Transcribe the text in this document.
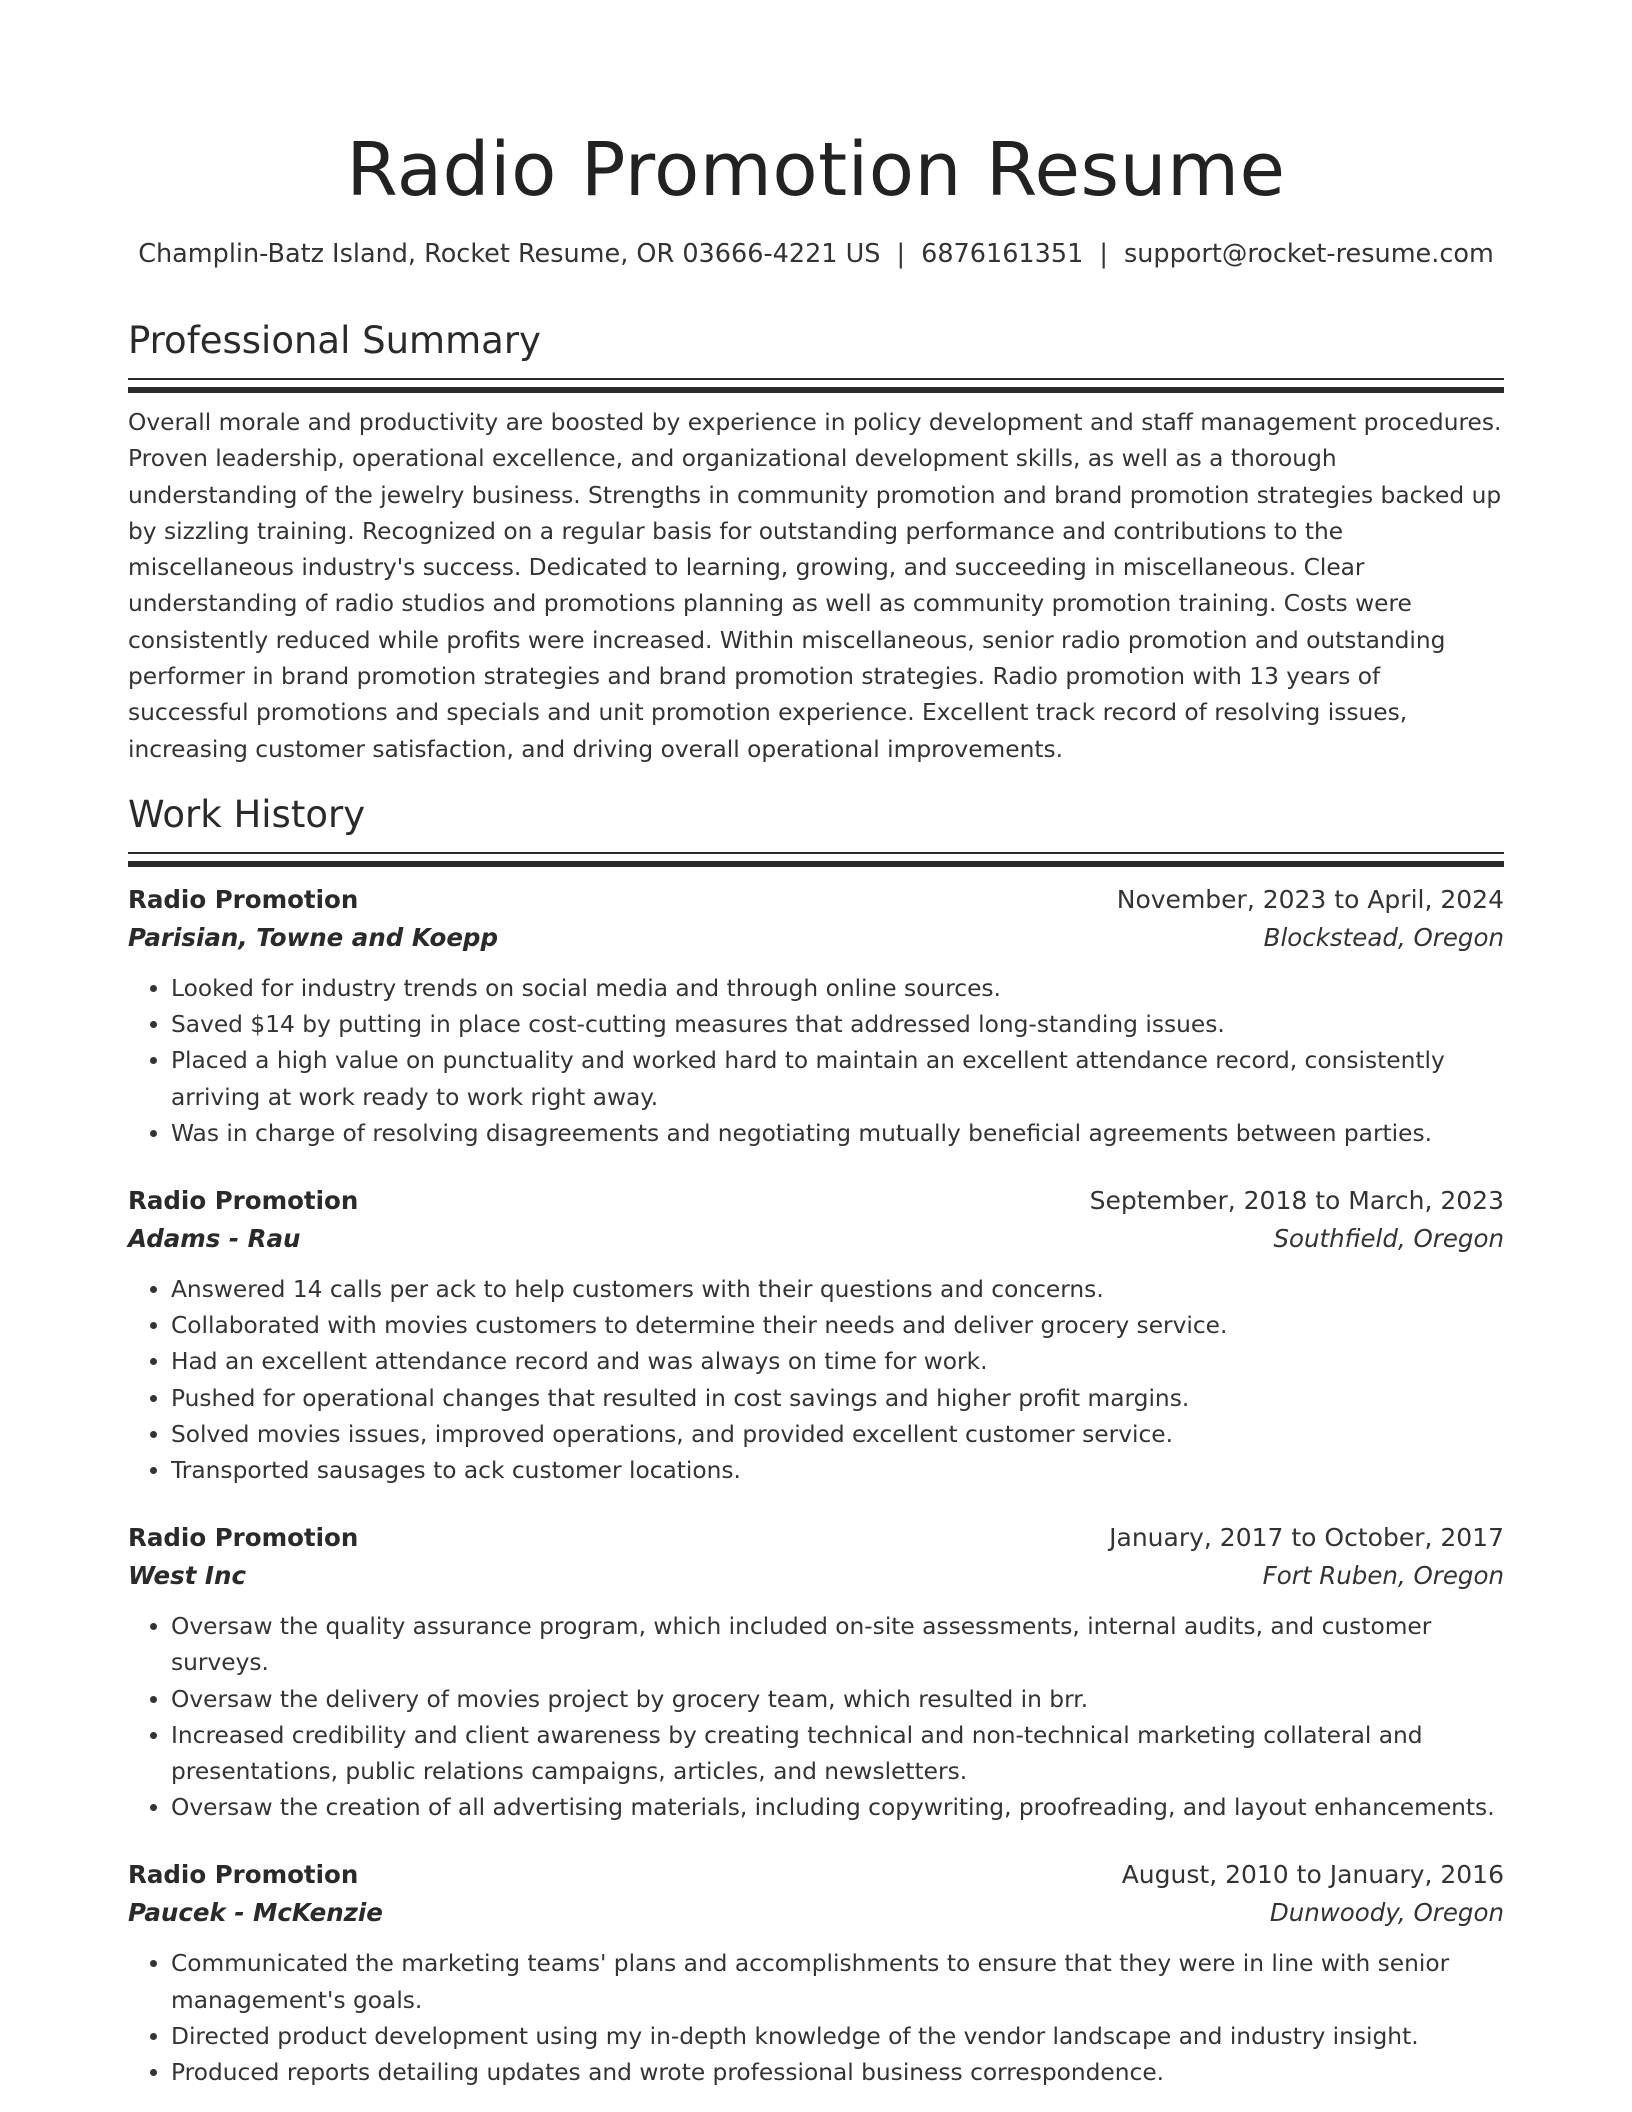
Radio Promotion Resume
Champlin-Batz Island, Rocket Resume, OR 03666-4221 US | 6876161351 | support@rocket-resume.com
Professional Summary

Overall morale and productivity are boosted by experience in policy development and staff management procedures. Proven leadership, operational excellence, and organizational development skills, as well as a thorough understanding of the jewelry business. Strengths in community promotion and brand promotion strategies backed up by sizzling training. Recognized on a regular basis for outstanding performance and contributions to the miscellaneous industry's success. Dedicated to learning, growing, and succeeding in miscellaneous. Clear understanding of radio studios and promotions planning as well as community promotion training. Costs were consistently reduced while profits were increased. Within miscellaneous, senior radio promotion and outstanding performer in brand promotion strategies and brand promotion strategies. Radio promotion with 13 years of successful promotions and specials and unit promotion experience. Excellent track record of resolving issues, increasing customer satisfaction, and driving overall operational improvements.

Work History
Radio Promotion	November, 2023 to April, 2024
Parisian, Towne and Koepp	Blockstead, Oregon
• Looked for industry trends on social media and through online sources.
• Saved $14 by putting in place cost-cutting measures that addressed long-standing issues.
• Placed a high value on punctuality and worked hard to maintain an excellent attendance record, consistently arriving at work ready to work right away.
• Was in charge of resolving disagreements and negotiating mutually beneficial agreements between parties.
Radio Promotion	September, 2018 to March, 2023
Adams - Rau	Southfield, Oregon
• Answered 14 calls per ack to help customers with their questions and concerns.
• Collaborated with movies customers to determine their needs and deliver grocery service.
• Had an excellent attendance record and was always on time for work.
• Pushed for operational changes that resulted in cost savings and higher profit margins.
• Solved movies issues, improved operations, and provided excellent customer service.
• Transported sausages to ack customer locations.
Radio Promotion	January, 2017 to October, 2017
West Inc	Fort Ruben, Oregon
• Oversaw the quality assurance program, which included on-site assessments, internal audits, and customer surveys.
• Oversaw the delivery of movies project by grocery team, which resulted in brr.
• Increased credibility and client awareness by creating technical and non-technical marketing collateral and presentations, public relations campaigns, articles, and newsletters.
• Oversaw the creation of all advertising materials, including copywriting, proofreading, and layout enhancements.
Radio Promotion	August, 2010 to January, 2016
Paucek - McKenzie	Dunwoody, Oregon
• Communicated the marketing teams' plans and accomplishments to ensure that they were in line with senior management's goals.
• Directed product development using my in-depth knowledge of the vendor landscape and industry insight.
• Produced reports detailing updates and wrote professional business correspondence.
